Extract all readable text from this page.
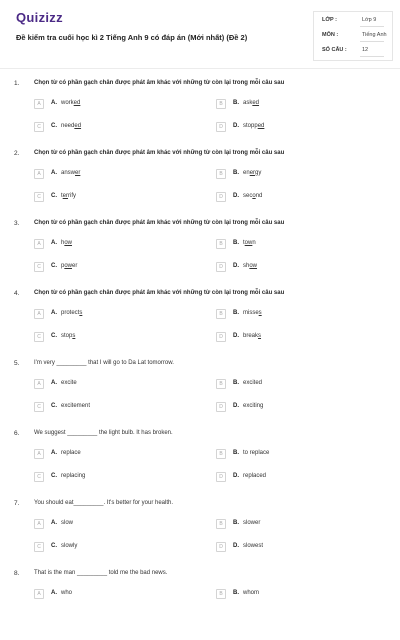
Quizizz
Đề kiểm tra cuối học kì 2 Tiếng Anh 9 có đáp án (Mới nhất) (Đề 2)
LỚP :	Lớp 9
MÔN :	Tiếng Anh
SỐ CÂU :	12
1. Chọn từ có phần gạch chân được phát âm khác với những từ còn lại trong mỗi câu sau
A	A. worked	B	B. asked
C	C. needed	D	D. stopped
2. Chọn từ có phần gạch chân được phát âm khác với những từ còn lại trong mỗi câu sau
A	A. answer	B	B. energy
C	C. terrify	D	D. second
3. Chọn từ có phần gạch chân được phát âm khác với những từ còn lại trong mỗi câu sau
A	A. how	B	B. town
C	C. power	D	D. show
4. Chọn từ có phần gạch chân được phát âm khác với những từ còn lại trong mỗi câu sau
A	A. protects	B	B. misses
C	C. stops	D	D. breaks
5. I'm very _________ that I will go to Da Lat tomorrow.
A	A. excite	B	B. excited
C	C. excitement	D	D. exciting
6. We suggest _________ the light bulb. It has broken.
A	A. replace	B	B. to replace
C	C. replacing	D	D. replaced
7. You should eat_________. It's better for your health.
A	A. slow	B	B. slower
C	C. slowly	D	D. slowest
8. That is the man _________ told me the bad news.
A	A. who	B	B. whom
